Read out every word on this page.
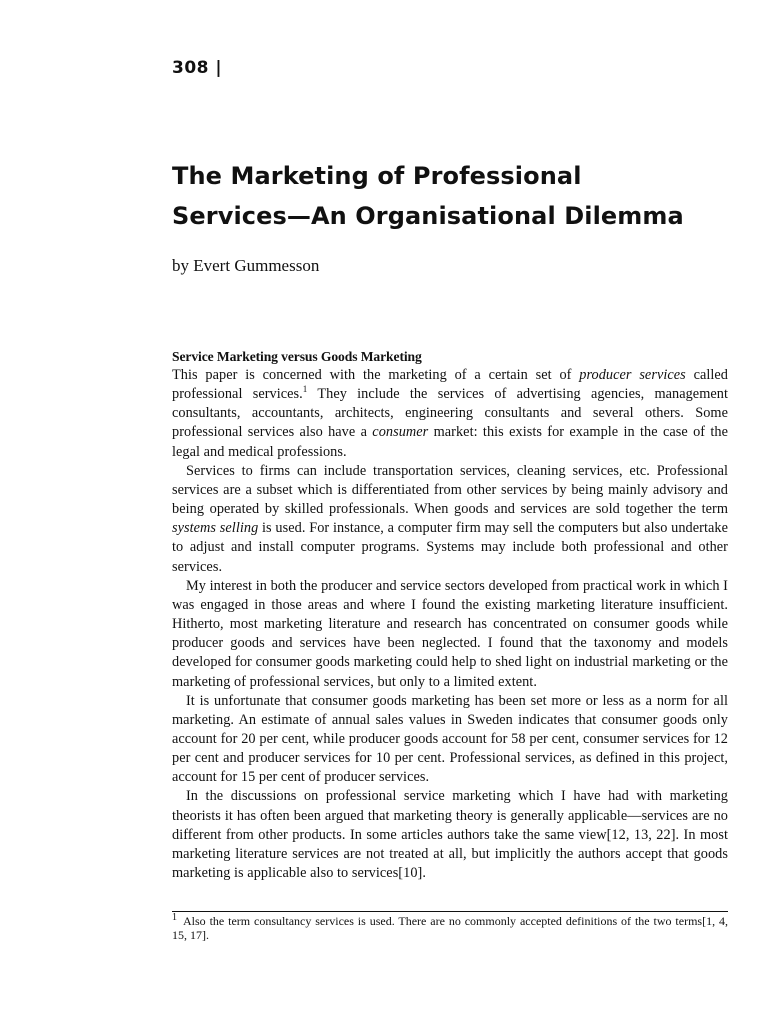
308 |
The Marketing of Professional
Services—An Organisational Dilemma
by Evert Gummesson
Service Marketing versus Goods Marketing

This paper is concerned with the marketing of a certain set of producer services called professional services.$^1$ They include the services of advertising agencies, management consultants, accountants, architects, engineering consultants and several others. Some professional services also have a consumer market: this exists for example in the case of the legal and medical professions.

Services to firms can include transportation services, cleaning services, etc. Professional services are a subset which is differentiated from other services by being mainly advisory and being operated by skilled professionals. When goods and services are sold together the term systems selling is used. For instance, a computer firm may sell the computers but also undertake to adjust and install computer programs. Systems may include both professional and other services.

My interest in both the producer and service sectors developed from practical work in which I was engaged in those areas and where I found the existing marketing literature insufficient. Hitherto, most marketing literature and research has concentrated on consumer goods while producer goods and services have been neglected. I found that the taxonomy and models developed for consumer goods marketing could help to shed light on industrial marketing or the marketing of professional services, but only to a limited extent.

It is unfortunate that consumer goods marketing has been set more or less as a norm for all marketing. An estimate of annual sales values in Sweden indicates that consumer goods only account for 20 per cent, while producer goods account for 58 per cent, consumer services for 12 per cent and producer services for 10 per cent. Professional services, as defined in this project, account for 15 per cent of producer services.

In the discussions on professional service marketing which I have had with marketing theorists it has often been argued that marketing theory is generally applicable—services are no different from other products. In some articles authors take the same view[12, 13, 22]. In most marketing literature services are not treated at all, but implicitly the authors accept that goods marketing is applicable also to services[10].

$^1$ Also the term consultancy services is used. There are no commonly accepted definitions of the two terms[1, 4, 15, 17].
